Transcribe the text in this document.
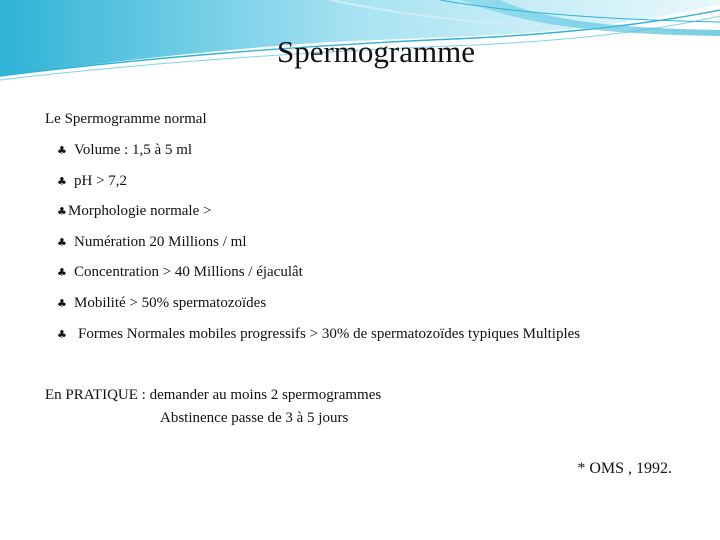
Spermogramme
Le Spermogramme normal
♣ Volume : 1,5 à 5 ml
♣ pH > 7,2
♣ Morphologie normale >
♣ Numération 20 Millions / ml
♣ Concentration > 40 Millions / éjaculât
♣ Mobilité > 50% spermatozoïdes
♣ Formes Normales mobiles progressifs > 30% de spermatozoïdes typiques Multiples
En PRATIQUE : demander au moins 2 spermogrammes
Abstinence passe de 3 à 5 jours
* OMS , 1992.
